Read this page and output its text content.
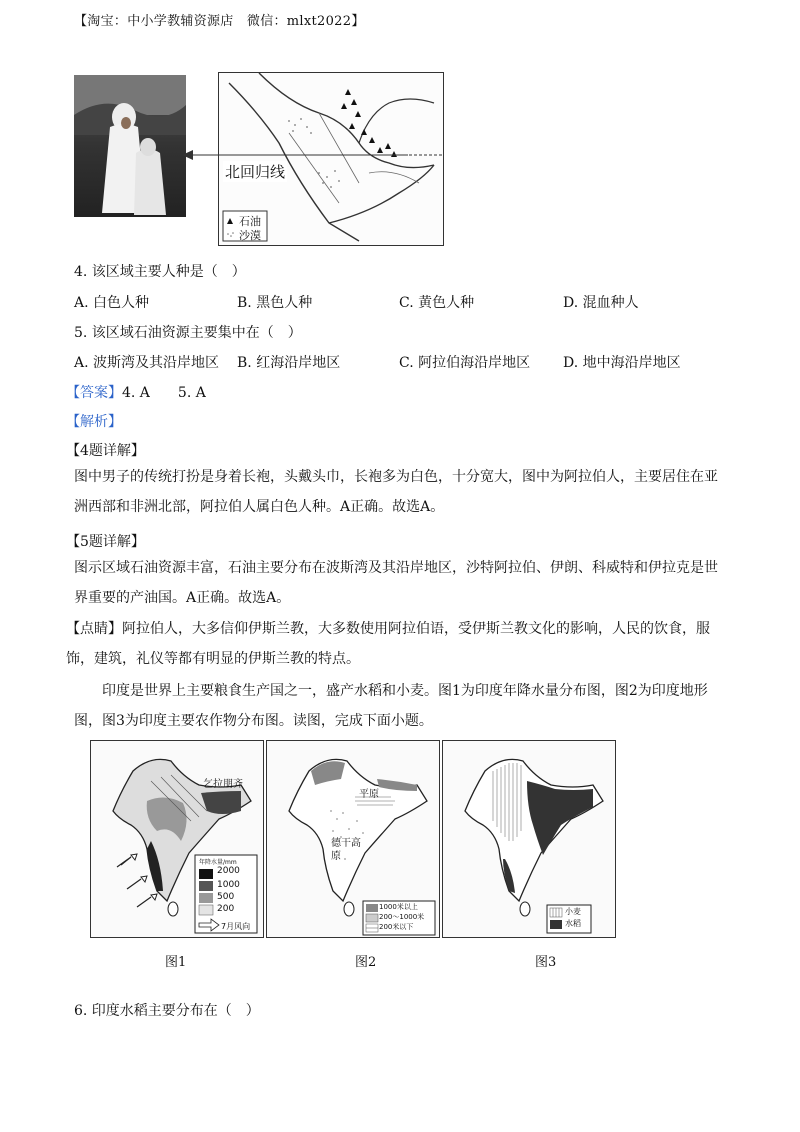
【淘宝：中小学教辅资源店　微信：mlxt2022】
北回归线
石油
沙漠
4. 该区域主要人种是（　）
A. 白色人种	B. 黑色人种	C. 黄色人种	D. 混血种人
5. 该区域石油资源主要集中在（　）
A. 波斯湾及其沿岸地区 B. 红海沿岸地区	C. 阿拉伯海沿岸地区 D. 地中海沿岸地区
【答案】4. A　　5. A
【解析】
【4题详解】
图中男子的传统打扮是身着长袍，头戴头巾，长袍多为白色，十分宽大，图中为阿拉伯人，主要居住在亚洲西部和非洲北部，阿拉伯人属白色人种。A正确。故选A。
【5题详解】
图示区域石油资源丰富，石油主要分布在波斯湾及其沿岸地区，沙特阿拉伯、伊朗、科威特和伊拉克是世界重要的产油国。A正确。故选A。
【点睛】阿拉伯人，大多信仰伊斯兰教，大多数使用阿拉伯语，受伊斯兰教文化的影响，人民的饮食，服饰，建筑，礼仪等都有明显的伊斯兰教的特点。
印度是世界上主要粮食生产国之一，盛产水稻和小麦。图1为印度年降水量分布图，图2为印度地形图，图3为印度主要农作物分布图。读图，完成下面小题。
乞拉朋齐
年降水量/mm
2000
1000
500
200
7月风向
图1
平原
德干高原
1000米以上
200～1000米
200米以下
图2
小麦
水稻
图3
6. 印度水稻主要分布在（　）
